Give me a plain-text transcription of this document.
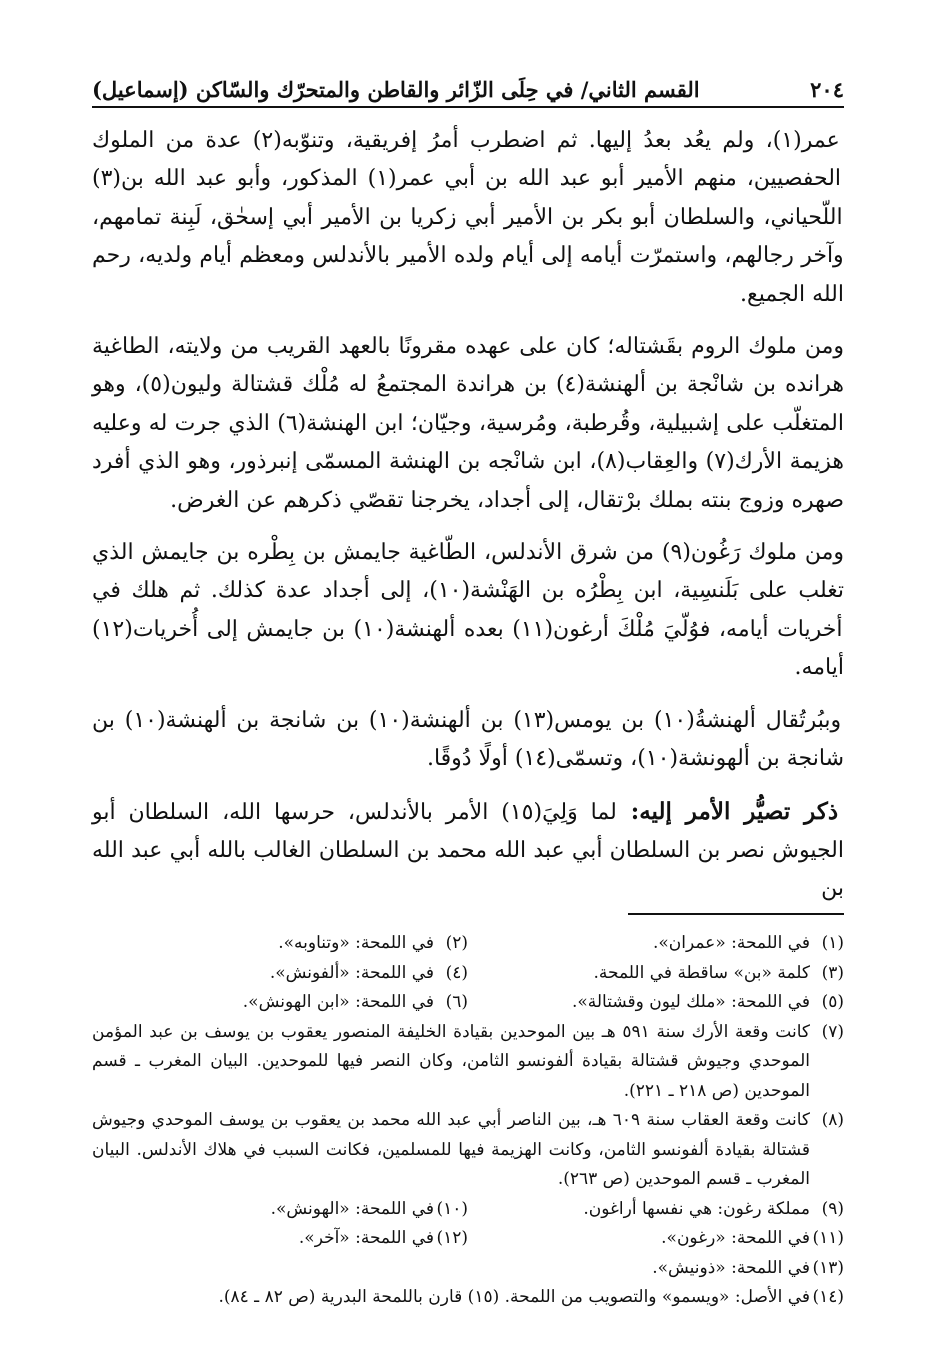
٢٠٤
القسم الثاني/ في حِلَى الزّائر والقاطن والمتحرّك والسّاكن (إسماعيل)

عمر(١)، ولم يعُد بعدُ إليها. ثم اضطرب أمرُ إفريقية، وتنوّبه(٢) عدة من الملوك الحفصيين، منهم الأمير أبو عبد الله بن أبي عمر(١) المذكور، وأبو عبد الله بن(٣) اللّحياني، والسلطان أبو بكر بن الأمير أبي زكريا بن الأمير أبي إسحٰق، لَبِنة تمامهم، وآخر رجالهم، واستمرّت أيامه إلى أيام ولده الأمير بالأندلس ومعظم أيام ولديه، رحم الله الجميع.

ومن ملوك الروم بقَشتاله؛ كان على عهده مقرونًا بالعهد القريب من ولايته، الطاغية هرانده بن شانْجة بن ألهنشة(٤) بن هراندة المجتمعُ له مُلْك قشتالة وليون(٥)، وهو المتغلّب على إشبيلية، وقُرطبة، ومُرسية، وجيّان؛ ابن الهنشة(٦) الذي جرت له وعليه هزيمة الأرك(٧) والعِقاب(٨)، ابن شانْجه بن الهنشة المسمّى إنبرذور، وهو الذي أفرد صهره وزوج بنته بملك برْتقال، إلى أجداد، يخرجنا تقصّي ذكرهم عن الغرض.

ومن ملوك رَغُون(٩) من شرق الأندلس، الطّاغية جايمش بن بِطْره بن جايمش الذي تغلب على بَلَنسِية، ابن بِطْرُه بن الهَنْشة(١٠)، إلى أجداد عدة كذلك. ثم هلك في أخريات أيامه، فوُلّيَ مُلْكَ أرغون(١١) بعده ألهنشة(١٠) بن جايمش إلى أُخريات(١٢) أيامه.

وببُرتُقال ألهنشةُ(١٠) بن يومس(١٣) بن ألهنشة(١٠) بن شانجة بن ألهنشة(١٠) بن شانجة بن ألهونشة(١٠)، وتسمّى(١٤) أولًا دُوقًا.

ذكر تصيُّر الأمر إليه: لما وَلِيَ(١٥) الأمر بالأندلس، حرسها الله، السلطان أبو الجيوش نصر بن السلطان أبي عبد الله محمد بن السلطان الغالب بالله أبي عبد الله بن

(١)
في اللمحة: «عمران».
(٢)
في اللمحة: «وتناوبه».
(٣)
كلمة «بن» ساقطة في اللمحة.
(٤)
في اللمحة: «ألفونش».
(٥)
في اللمحة: «ملك ليون وقشتالة».
(٦)
في اللمحة: «ابن الهونش».
(٧)
كانت وقعة الأرك سنة ٥٩١ هـ بين الموحدين بقيادة الخليفة المنصور يعقوب بن يوسف بن عبد المؤمن الموحدي وجيوش قشتالة بقيادة ألفونسو الثامن، وكان النصر فيها للموحدين. البيان المغرب ـ قسم الموحدين (ص ٢١٨ ـ ٢٢١).
(٨)
كانت وقعة العقاب سنة ٦٠٩ هـ، بين الناصر أبي عبد الله محمد بن يعقوب بن يوسف الموحدي وجيوش قشتالة بقيادة ألفونسو الثامن، وكانت الهزيمة فيها للمسلمين، فكانت السبب في هلاك الأندلس. البيان المغرب ـ قسم الموحدين (ص ٢٦٣).
(٩)
مملكة رغون: هي نفسها أراغون.
(١٠)
في اللمحة: «الهونش».
(١١)
في اللمحة: «رغون».
(١٢)
في اللمحة: «آخر».
(١٣)
في اللمحة: «ذونيش».
(١٤)
في الأصل: «ويسمو» والتصويب من اللمحة. (١٥) قارن باللمحة البدرية (ص ٨٢ ـ ٨٤).
